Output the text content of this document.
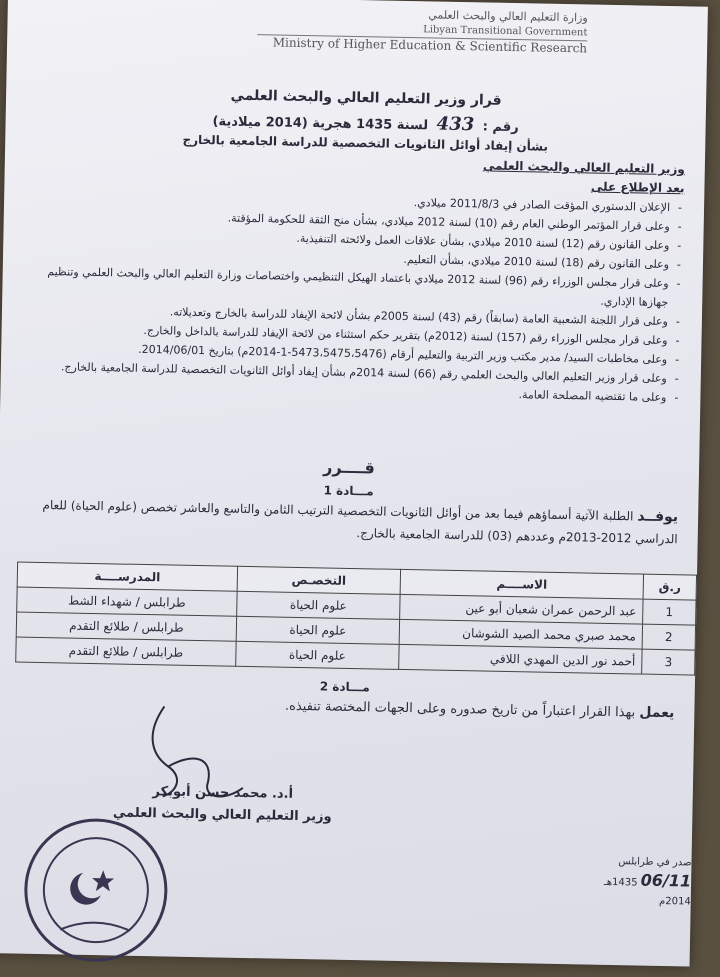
وزارة التعليم العالي والبحث العلمي
Libyan Transitional Government
Ministry of Higher Education & Scientific Research
قرار وزير التعليم العالي والبحث العلمي
رقم : 433 لسنة 1435 هجرية (2014 ميلادية)
بشأن إيفاد أوائل الثانويات التخصصية للدراسة الجامعية بالخارج
وزير التعليم العالي والبحث العلمي
بعد الإطلاع على
- الإعلان الدستوري المؤقت الصادر في 2011/8/3 ميلادي.
- وعلى قرار المؤتمر الوطني العام رقم (10) لسنة 2012 ميلادي، بشأن منح الثقة للحكومة المؤقتة.
- وعلى القانون رقم (12) لسنة 2010 ميلادي، بشأن علاقات العمل ولائحته التنفيذية.
- وعلى القانون رقم (18) لسنة 2010 ميلادي، بشأن التعليم.
- وعلى قرار مجلس الوزراء رقم (96) لسنة 2012 ميلادي باعتماد الهيكل التنظيمي واختصاصات وزارة التعليم العالي والبحث العلمي وتنظيم جهازها الإداري.
- وعلى قرار اللجنة الشعبية العامة (سابقاً) رقم (43) لسنة 2005م بشأن لائحة الإيفاد للدراسة بالخارج وتعديلاته.
- وعلى قرار مجلس الوزراء رقم (157) لسنة (2012م) بتقرير حكم استثناء من لائحة الإيفاد للدراسة بالداخل والخارج.
- وعلى مخاطبات السيد/ مدير مكتب وزير التربية والتعليم أرقام (5473،5475،5476-1-2014م) بتاريخ 2014/06/01.
- وعلى قرار وزير التعليم العالي والبحث العلمي رقم (66) لسنة 2014م بشأن إيفاد أوائل الثانويات التخصصية للدراسة الجامعية بالخارج.
- وعلى ما تقتضيه المصلحة العامة.
قــــرر
مـــادة 1
يوفــد الطلبة الآتية أسماؤهم فيما بعد من أوائل الثانويات التخصصية الترتيب الثامن والتاسع والعاشر تخصص (علوم الحياة) للعام الدراسي 2012-2013م وعددهم (03) للدراسة الجامعية بالخارج.
ر.ق	الاســــم	التخصـص	المدرســــة
1	عبد الرحمن عمران شعبان أبو عين	علوم الحياة	طرابلس / شهداء الشط
2	محمد صبري محمد الصيد الشوشان	علوم الحياة	طرابلس / طلائع التقدم
3	أحمد نور الدين المهدي اللافي	علوم الحياة	طرابلس / طلائع التقدم
مـــادة 2
يعمل بهذا القرار اعتباراً من تاريخ صدوره وعلى الجهات المختصة تنفيذه.
أ.د. محمد حسن أبوبكر
وزير التعليم العالي والبحث العلمي
صدر في طرابلس
06/11 1435هـ
2014م
